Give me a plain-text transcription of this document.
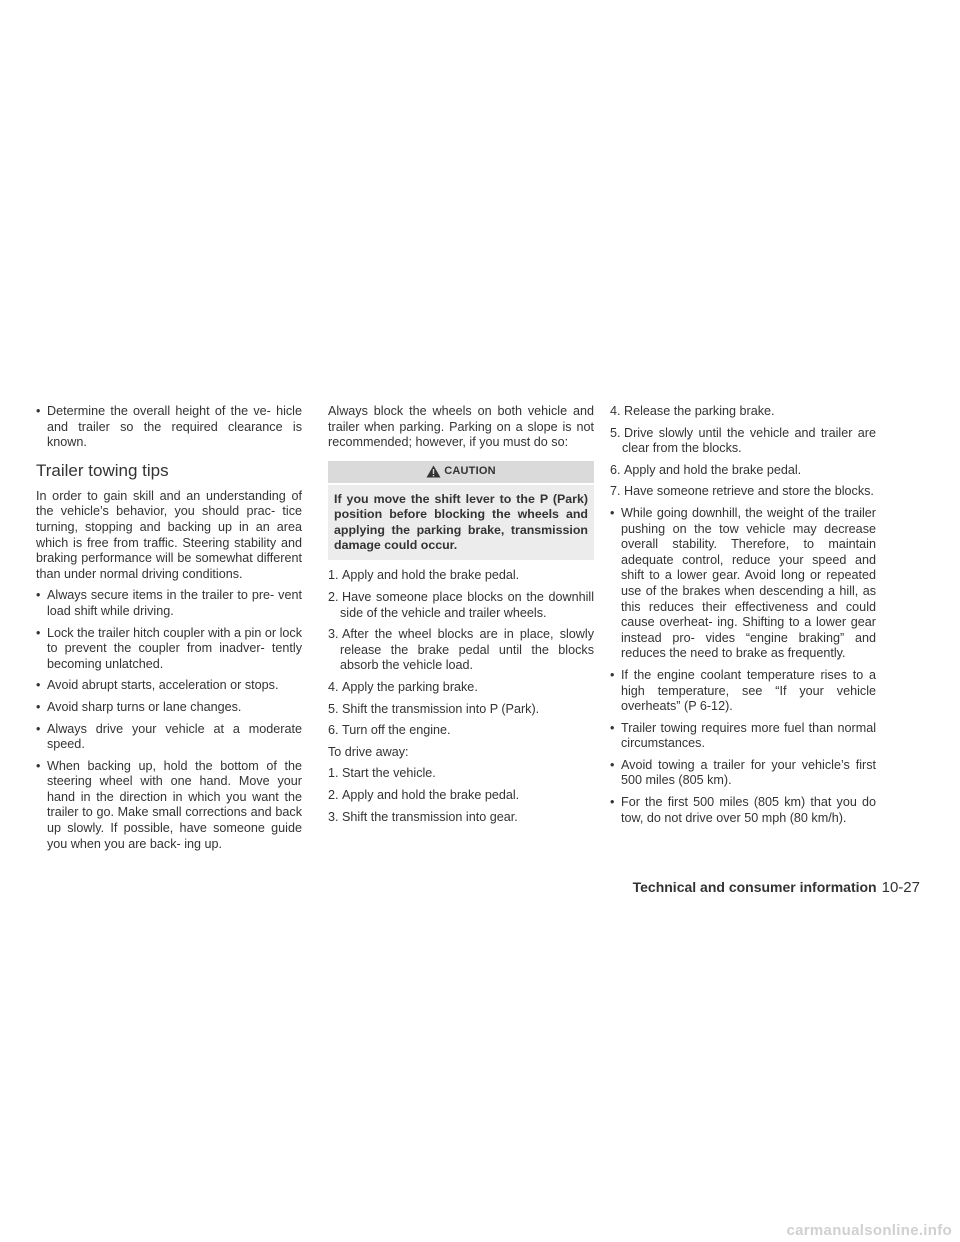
• Determine the overall height of the ve- hicle and trailer so the required clearance is known.
Trailer towing tips
In order to gain skill and an understanding of the vehicle’s behavior, you should prac- tice turning, stopping and backing up in an area which is free from traffic. Steering stability and braking performance will be somewhat different than under normal driving conditions.
• Always secure items in the trailer to pre- vent load shift while driving.
• Lock the trailer hitch coupler with a pin or lock to prevent the coupler from inadver- tently becoming unlatched.
• Avoid abrupt starts, acceleration or stops.
• Avoid sharp turns or lane changes.
• Always drive your vehicle at a moderate speed.
• When backing up, hold the bottom of the steering wheel with one hand. Move your hand in the direction in which you want the trailer to go. Make small corrections and back up slowly. If possible, have someone guide you when you are back- ing up.
Always block the wheels on both vehicle and trailer when parking. Parking on a slope is not recommended; however, if you must do so:
CAUTION
If you move the shift lever to the P (Park) position before blocking the wheels and applying the parking brake, transmission damage could occur.
1. Apply and hold the brake pedal.
2. Have someone place blocks on the downhill side of the vehicle and trailer wheels.
3. After the wheel blocks are in place, slowly release the brake pedal until the blocks absorb the vehicle load.
4. Apply the parking brake.
5. Shift the transmission into P (Park).
6. Turn off the engine.
To drive away:
1. Start the vehicle.
2. Apply and hold the brake pedal.
3. Shift the transmission into gear.
4. Release the parking brake.
5. Drive slowly until the vehicle and trailer are clear from the blocks.
6. Apply and hold the brake pedal.
7. Have someone retrieve and store the blocks.
• While going downhill, the weight of the trailer pushing on the tow vehicle may decrease overall stability. Therefore, to maintain adequate control, reduce your speed and shift to a lower gear. Avoid long or repeated use of the brakes when descending a hill, as this reduces their effectiveness and could cause overheat- ing. Shifting to a lower gear instead pro- vides “engine braking” and reduces the need to brake as frequently.
• If the engine coolant temperature rises to a high temperature, see “If your vehicle overheats” (P 6-12).
• Trailer towing requires more fuel than normal circumstances.
• Avoid towing a trailer for your vehicle’s first 500 miles (805 km).
• For the first 500 miles (805 km) that you do tow, do not drive over 50 mph (80 km/h).
Technical and consumer information 10-27
carmanualsonline.info
